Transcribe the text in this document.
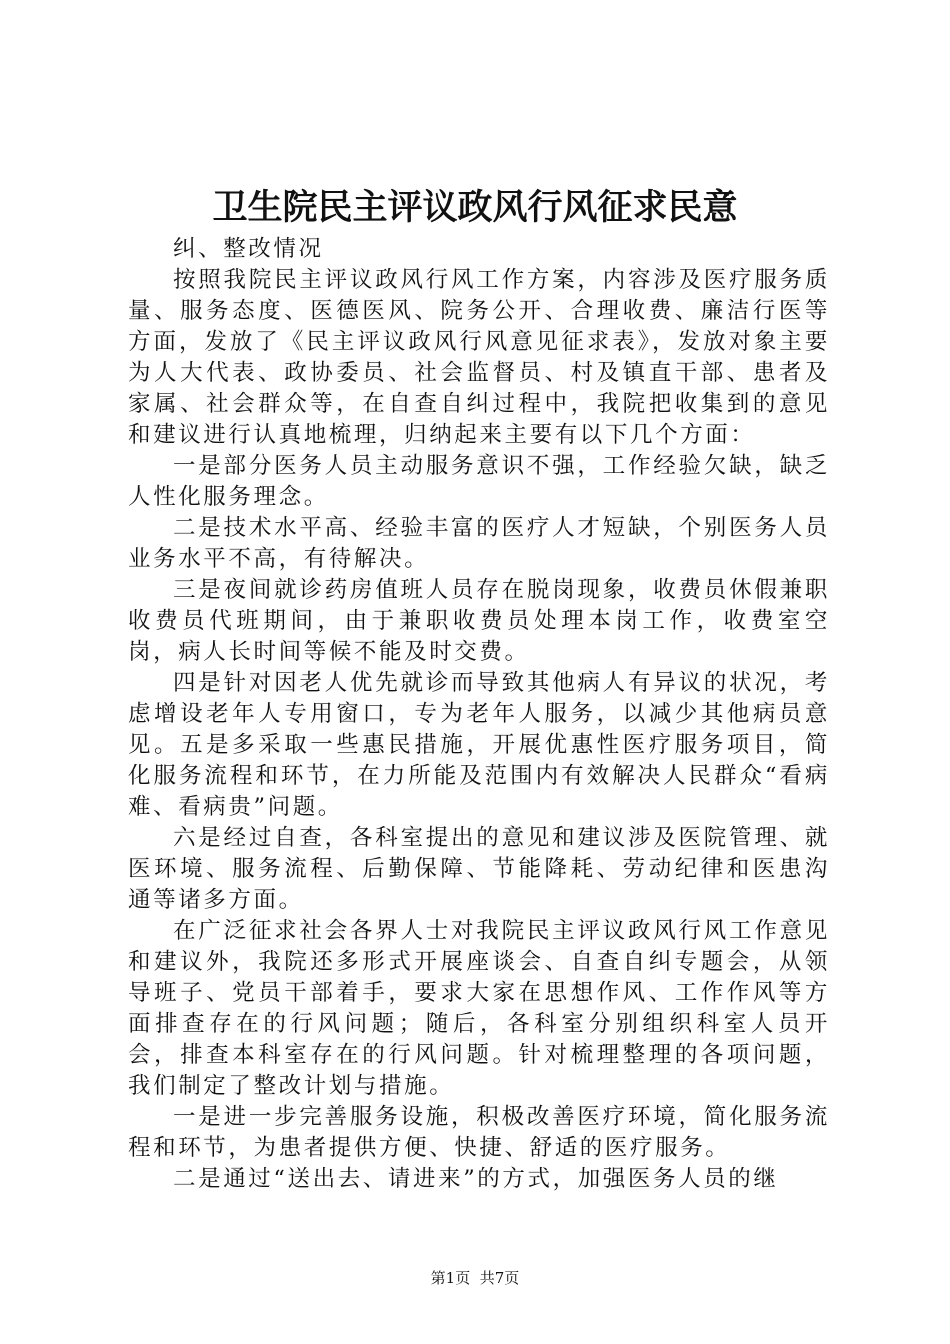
卫生院民主评议政风行风征求民意

纠、整改情况

按照我院民主评议政风行风工作方案，内容涉及医疗服务质量、服务态度、医德医风、院务公开、合理收费、廉洁行医等方面，发放了《民主评议政风行风意见征求表》，发放对象主要为人大代表、政协委员、社会监督员、村及镇直干部、患者及家属、社会群众等，在自查自纠过程中，我院把收集到的意见和建议进行认真地梳理，归纳起来主要有以下几个方面：

一是部分医务人员主动服务意识不强，工作经验欠缺，缺乏人性化服务理念。

二是技术水平高、经验丰富的医疗人才短缺，个别医务人员业务水平不高，有待解决。

三是夜间就诊药房值班人员存在脱岗现象，收费员休假兼职收费员代班期间，由于兼职收费员处理本岗工作，收费室空岗，病人长时间等候不能及时交费。

四是针对因老人优先就诊而导致其他病人有异议的状况，考虑增设老年人专用窗口，专为老年人服务，以减少其他病员意见。五是多采取一些惠民措施，开展优惠性医疗服务项目，简化服务流程和环节，在力所能及范围内有效解决人民群众“看病难、看病贵”问题。

六是经过自查，各科室提出的意见和建议涉及医院管理、就医环境、服务流程、后勤保障、节能降耗、劳动纪律和医患沟通等诸多方面。

在广泛征求社会各界人士对我院民主评议政风行风工作意见和建议外，我院还多形式开展座谈会、自查自纠专题会，从领导班子、党员干部着手，要求大家在思想作风、工作作风等方面排查存在的行风问题；随后，各科室分别组织科室人员开会，排查本科室存在的行风问题。针对梳理整理的各项问题，我们制定了整改计划与措施。

一是进一步完善服务设施，积极改善医疗环境，简化服务流程和环节，为患者提供方便、快捷、舒适的医疗服务。

二是通过“送出去、请进来”的方式，加强医务人员的继

第1页 共7页
